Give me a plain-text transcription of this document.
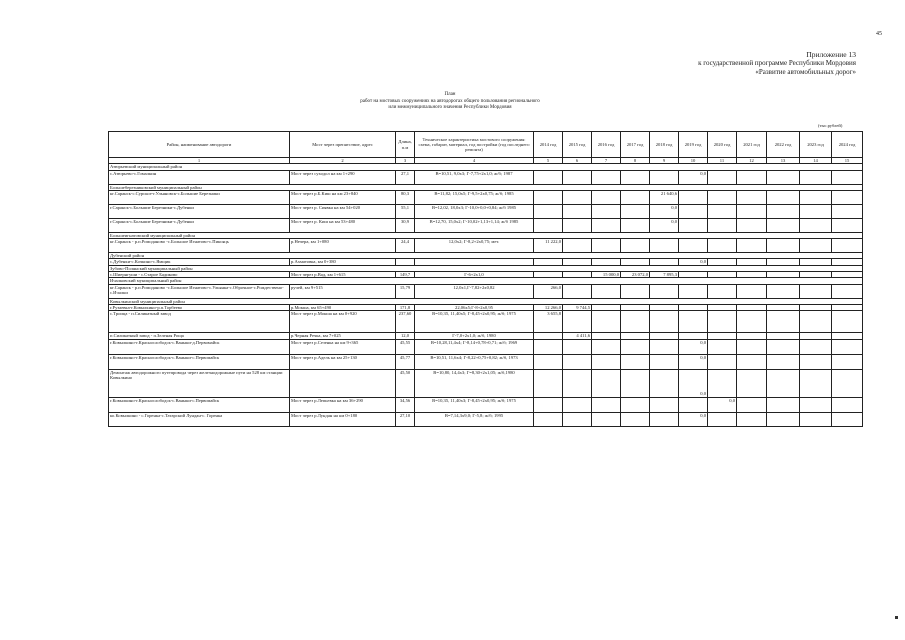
45
Приложение 13
к государственной программе Республики Мордовия
«Развитие автомобильных дорог»
План
работ на мостовых сооружениях на автодорогах общего пользования регионального
или межмуниципального значения Республики Мордовия
(тыс.рублей)
Район, наименование автодороги	Мост через препятствие, адрес	Длина, п.м	Техническое характеристика мостового сооружения: схема, габарит, материал, год постройки (год последнего ремонта)	2014 год	2015 год	2016 год	2017 год	2018 год	2019 год	2020 год	2021 год	2022 год	2023 год	2024 год
1	2	3	4	5	6	7	8	9	10	11	12	13	14	15
Атюрьевский муниципальный район														
с.Атюрьево-с.Гомалкин	Мост через суходол на км 1+290	27,1	В=10,51, 9,0х3; Г-7,75+2х1,0; ж/б; 1987						0,0					
Большеберезниковский муниципальный район														
кг.Саранск-с.Сурское-г.Ульяновск-с.Большие Березники	Мост через р.Б.Киш на км 23+840	80,3	В=11,82; 15,0х5; Г-9,5+2х0,75; ж/б; 1985					21 640,6						
г.Саранск-с.Большие Березники-с.Дубенки	Мост через р. Сиявка на км 54+020	55,1	В=12,02, 18,0х3; Г-10,0+0,0+0,84; ж/б 1985					0,0						
г.Саранск-с.Большие Березники-с.Дубенки	Мост через р. Киш на км 53+480	30,9	В=12,70, 15,0х2; Г-10,02+1,13+1,14; ж/б 1985					0,0						
Большеигнатовский муниципальный район														
кг.Саранск - р.п.Ромоданово -с.Большое Игнатово-с.Пиксяць	р.Нечера, км 1+080	24,4	12,0х2; Г-8,2+2х0,75; мет.	11 222,0										
Дубенский район														
с.Дубенки-с.Кочкино-с.Ямщик	р.Ахматовка, км 0+380								0,0					
Зубово-Полянский муниципальный район														
с.Шиернгуши - с.Старое Бадиково	Мост через р.Вад, км 1+615	149,7	Г-6+2х1,0			15 000,0	23 072,0	7 895,3						
Ичалковский муниципальный район														
кг.Саранск - р.п.Ромоданово -с.Большое Игнатово-с.Ульянка-с.Оброчное-с.Рождествено-с.Ичалки	ручей, км 9+515	15,79	12,0х1,Г-7,82+2х0,82	266,0										
Ковылкинский муниципальный район														
г.Рузаевка-г.Ковылкино-р.п.Торбеево	р.Мокша, км 65+490	171,8	22,06х5;Г-8+2х0,95	12 266,0	9 744,5									
с.Троица - п.Силикатный завод	Мост через р.Мокша на км 0+920	237,60	В=10,35, 11,40х5; Г-8,45+2х0,95; ж/б; 1975	3 655,8										
п.Силикатный завод - п.Зеленая Роща	р.Черная Речка, км 7+025	12,0	Г-7,0+2х1,0; ж/б, 1980		4 411,6									
г.Ковылкино-г.Краснослободск-с.Ваныки-д.Первомайск	Мост через р.Сезенка на км 9+365	45,55	В=10,28,11,4х4; Г-8,14+0,78+0,71; ж/б; 1969						0,0					
г.Ковылкино-г.Краснослободск-с.Ваныки-с.Первомайск	Мост через р.Адель на км 25+130	45,77	В=10,51, 11,6х4; Г-8,22+0,75+0,82; ж/б, 1973						0,0					
Демонтаж автодорожного путепровода через железнодорожные пути на 528 км станции Ковылкино		45,50	В=10,80, 14,4х3; Г=8,30+2х1,05; ж/б,1980						0,0					
г.Ковылкино-г.Краснослободск-с.Ваныки-с.Первомайск	Мост через р.Лепьевка на км 36+290	34,56	В=10,35, 11,40х3; Г-8,45+2х0,95; ж/б; 1975							0,0				
ко.Ковылкино - с.Горенка-с.Татарский Лундан-с. Горенка	Мост через р.Лундан на км 0+180	27,10	В=7,14,3х9,0; Г-5,8; ж/б; 1995						0,0					
